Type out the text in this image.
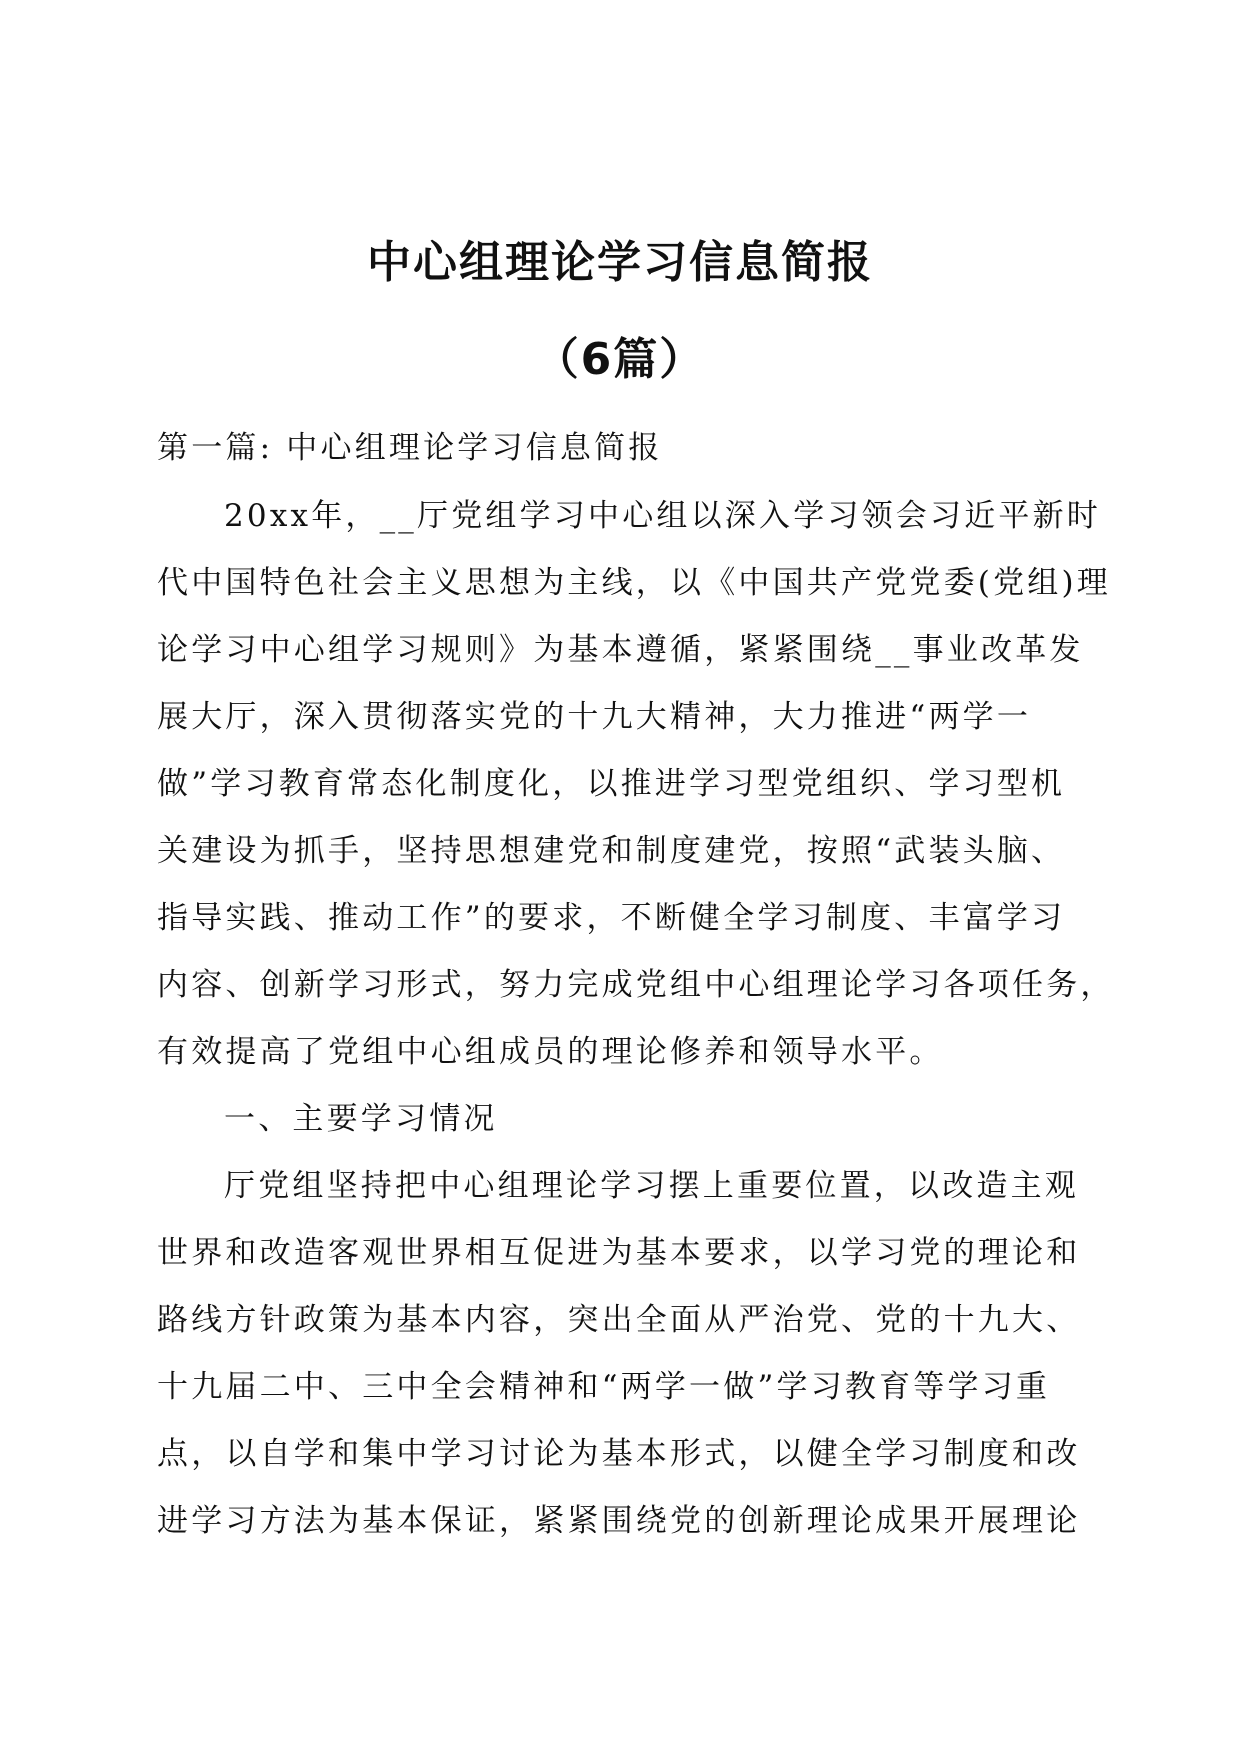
中心组理论学习信息简报
（6篇）
第一篇: 中心组理论学习信息简报
20xx年，__厅党组学习中心组以深入学习领会习近平新时
代中国特色社会主义思想为主线，以《中国共产党党委(党组)理
论学习中心组学习规则》为基本遵循，紧紧围绕__事业改革发
展大厅，深入贯彻落实党的十九大精神，大力推进“两学一
做”学习教育常态化制度化，以推进学习型党组织、学习型机
关建设为抓手，坚持思想建党和制度建党，按照“武装头脑、
指导实践、推动工作”的要求，不断健全学习制度、丰富学习
内容、创新学习形式，努力完成党组中心组理论学习各项任务，
有效提高了党组中心组成员的理论修养和领导水平。
一、主要学习情况
厅党组坚持把中心组理论学习摆上重要位置，以改造主观
世界和改造客观世界相互促进为基本要求，以学习党的理论和
路线方针政策为基本内容，突出全面从严治党、党的十九大、
十九届二中、三中全会精神和“两学一做”学习教育等学习重
点，以自学和集中学习讨论为基本形式，以健全学习制度和改
进学习方法为基本保证，紧紧围绕党的创新理论成果开展理论
